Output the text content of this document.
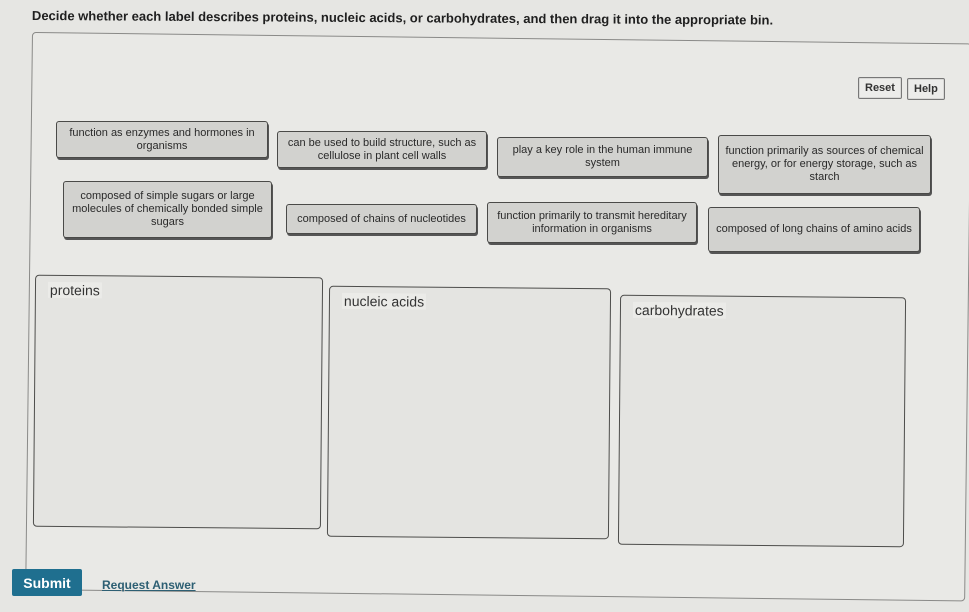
Decide whether each label describes proteins, nucleic acids, or carbohydrates, and then drag it into the appropriate bin.
Reset	Help
function as enzymes and hormones in organisms	can be used to build structure, such as cellulose in plant cell walls	play a key role in the human immune system
function primarily as sources of chemical energy, or for energy storage, such as starch
composed of simple sugars or large molecules of chemically bonded simple sugars	composed of chains of nucleotides	function primarily to transmit hereditary information in organisms	composed of long chains of amino acids
proteins
nucleic acids
carbohydrates
Submit	Request Answer
